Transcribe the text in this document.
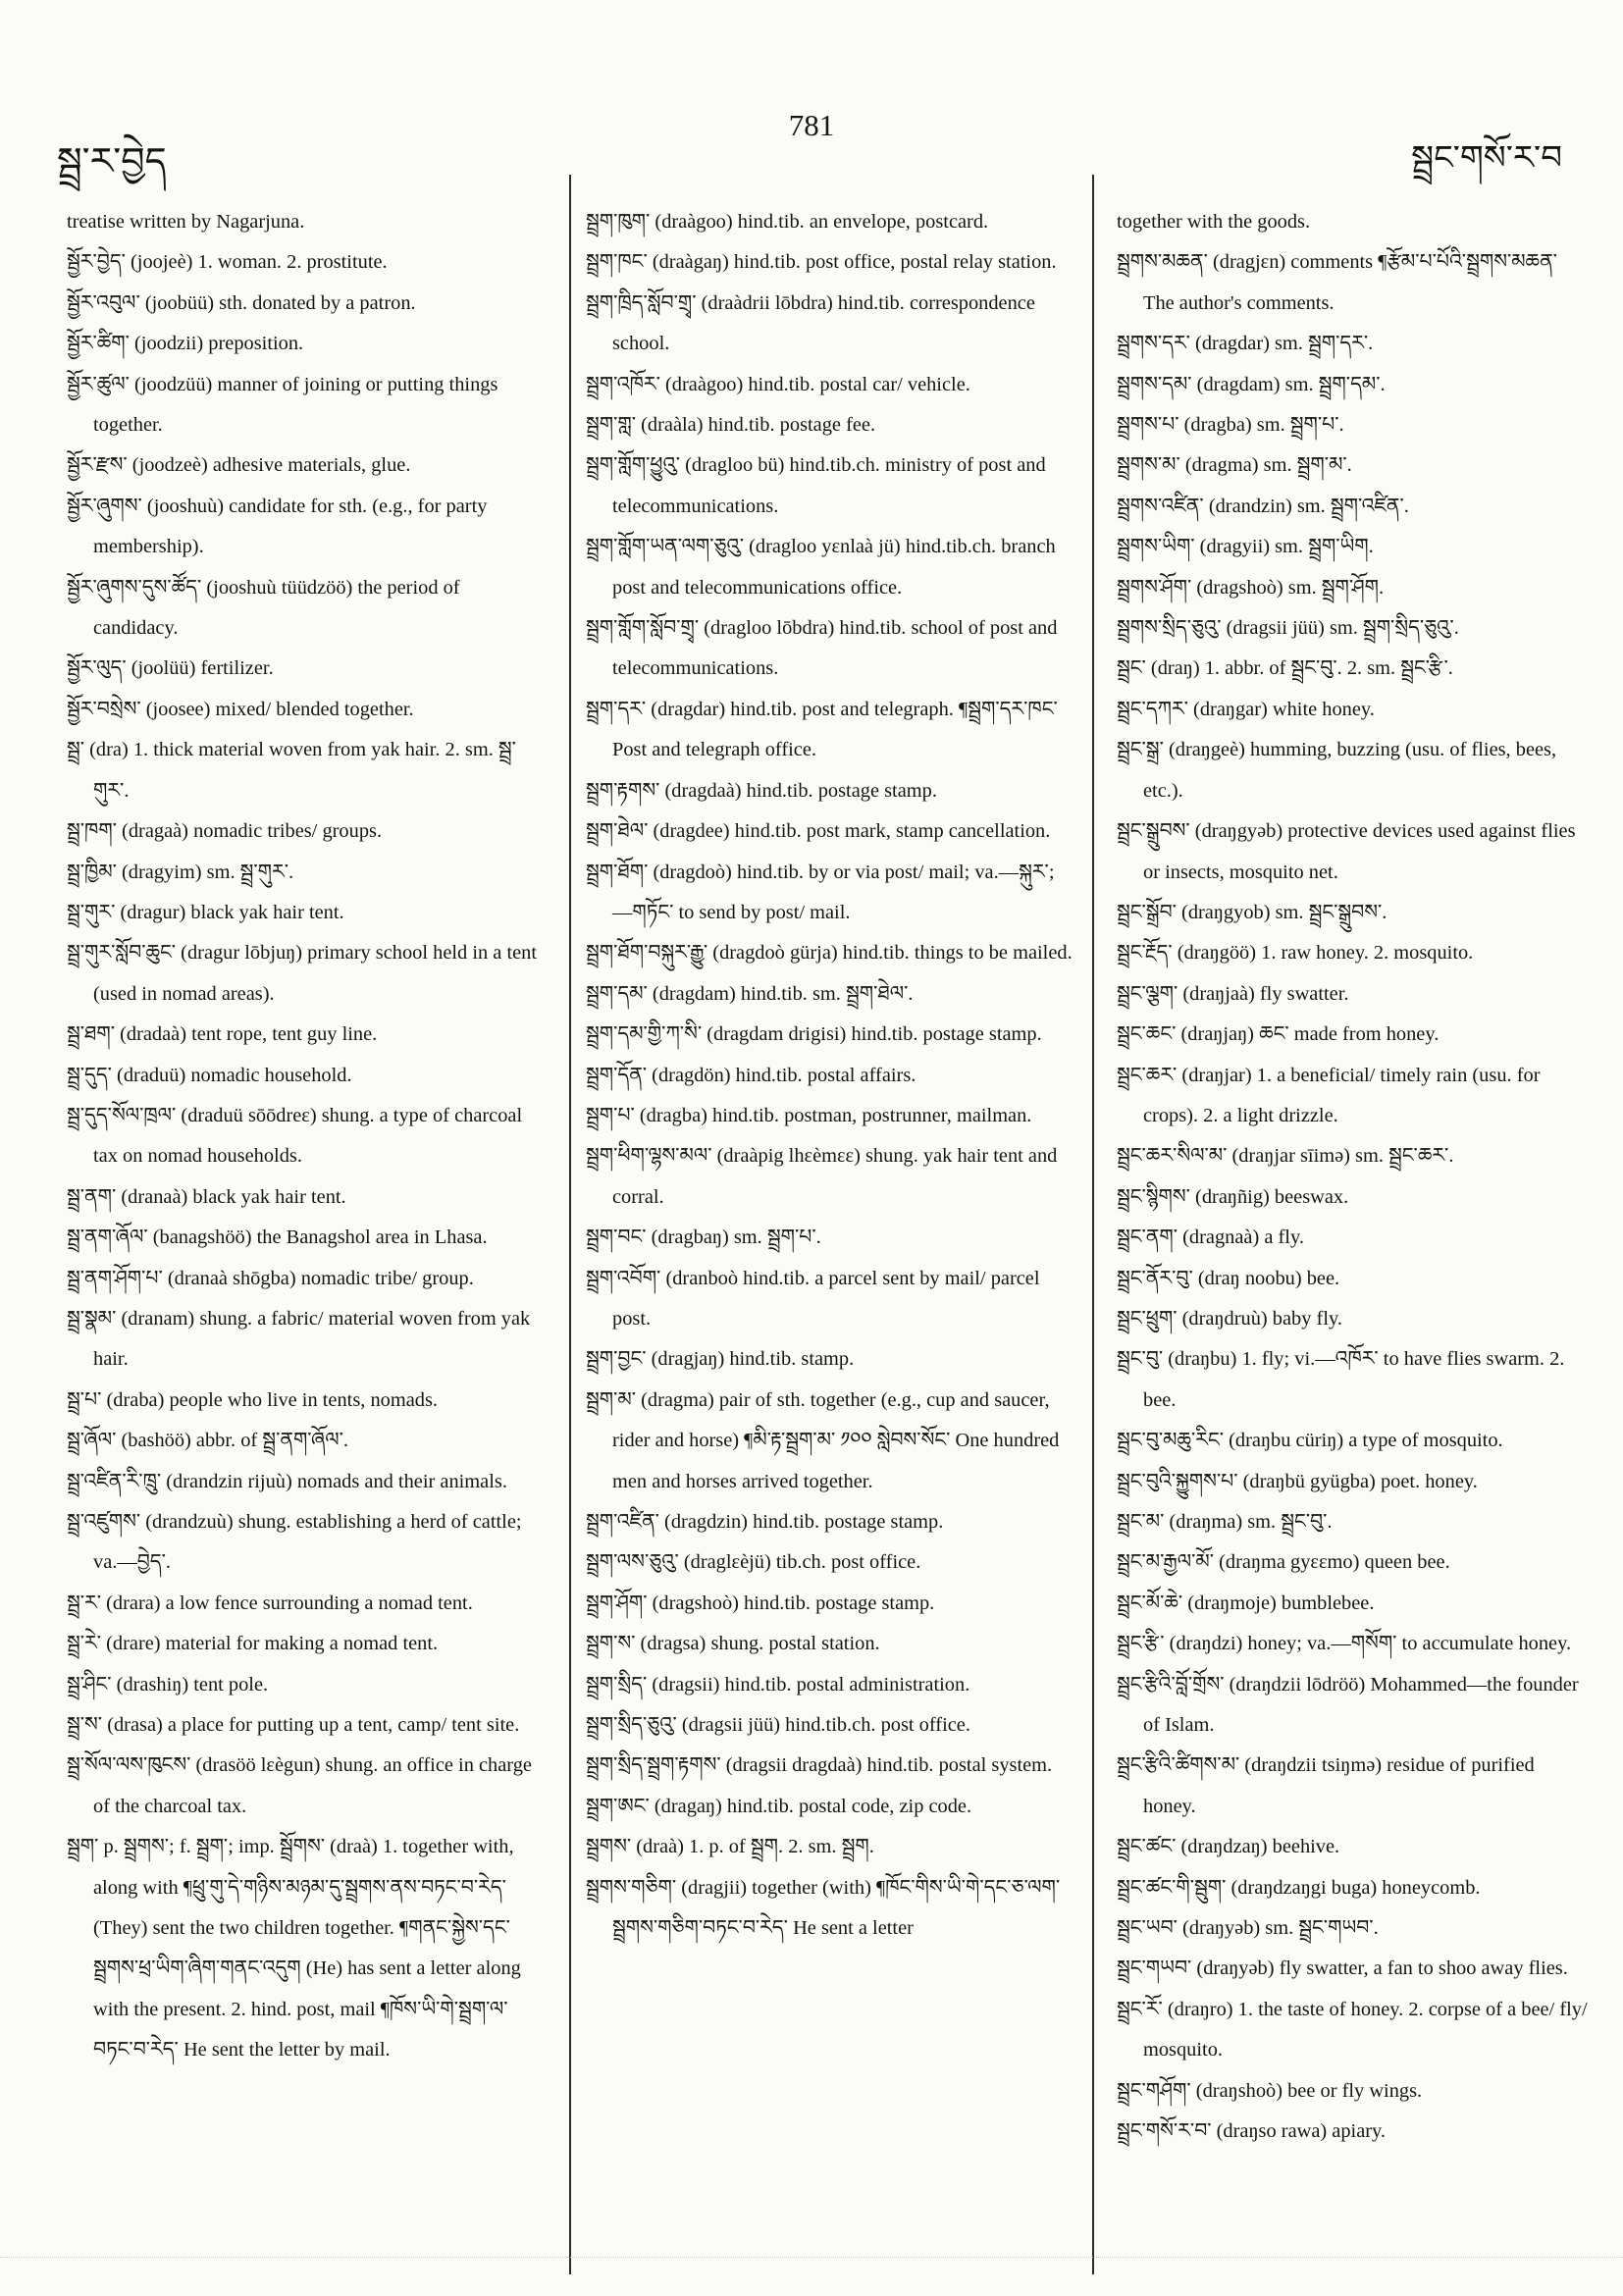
སྦྲ་ར་བྱེད
781
སྦྲང་གསོ་ར་བ

treatise written by Nagarjuna.

སྦྱོར་བྱེད་ (joojeè) 1. woman. 2. prostitute.

སྦྱོར་འབུལ་ (joobüü) sth. donated by a patron.

སྦྱོར་ཚིག་ (joodzii) preposition.

སྦྱོར་ཚུལ་ (joodzüü) manner of joining or putting things together.

སྦྱོར་རྫས་ (joodzeè) adhesive materials, glue.

སྦྱོར་ཞུགས་ (jooshuù) candidate for sth. (e.g., for party membership).

སྦྱོར་ཞུགས་དུས་ཚོད་ (jooshuù tüüdzöö) the period of candidacy.

སྦྱོར་ལུད་ (joolüü) fertilizer.

སྦྱོར་བསྲེས་ (joosee) mixed/ blended together.

སྦྲ་ (dra) 1. thick material woven from yak hair. 2. sm. སྦྲ་གུར་.

སྦྲ་ཁག་ (dragaà) nomadic tribes/ groups.

སྦྲ་ཁྱིམ་ (dragyim) sm. སྦྲ་གུར་.

སྦྲ་གུར་ (dragur) black yak hair tent.

སྦྲ་གུར་སློབ་ཆུང་ (dragur lōbjuŋ) primary school held in a tent (used in nomad areas).

སྦྲ་ཐག་ (dradaà) tent rope, tent guy line.

སྦྲ་དུད་ (draduü) nomadic household.

སྦྲ་དུད་སོལ་ཁྲལ་ (draduü sōōdreε) shung. a type of charcoal tax on nomad households.

སྦྲ་ནག་ (dranaà) black yak hair tent.

སྦྲ་ནག་ཞོལ་ (banagshöö) the Banagshol area in Lhasa.

སྦྲ་ནག་ཤོག་པ་ (dranaà shōgba) nomadic tribe/ group.

སྦྲ་སྣམ་ (dranam) shung. a fabric/ material woven from yak hair.

སྦྲ་པ་ (draba) people who live in tents, nomads.

སྦྲ་ཞོལ་ (bashöö) abbr. of སྦྲ་ནག་ཞོལ་.

སྦྲ་འཛིན་རི་ཁྲུ་ (drandzin rijuù) nomads and their animals.

སྦྲ་འཛུགས་ (drandzuù) shung. establishing a herd of cattle; va.—བྱེད་.

སྦྲ་ར་ (drara) a low fence surrounding a nomad tent.

སྦྲ་རེ་ (drare) material for making a nomad tent.

སྦྲ་ཤིང་ (drashiŋ) tent pole.

སྦྲ་ས་ (drasa) a place for putting up a tent, camp/ tent site.

སྦྲ་སོལ་ལས་ཁུངས་ (drasöö lεègun) shung. an office in charge of the charcoal tax.

སྦྲག་ p. སྦྲགས་; f. སྦྲག་; imp. སྦྲོགས་ (draà) 1. together with, along with ¶ཕྲུ་གུ་དེ་གཉིས་མཉམ་དུ་སྦྲགས་ནས་བཏང་བ་རེད་ (They) sent the two children together. ¶གནང་སྐྱེས་དང་སྦྲགས་ཕྲ་ཡིག་ཞིག་གནང་འདུག (He) has sent a letter along with the present. 2. hind. post, mail ¶ཁོས་ཡི་གེ་སྦྲག་ལ་བཏང་བ་རེད་ He sent the letter by mail.

སྦྲག་ཁུག་ (draàgoo) hind.tib. an envelope, postcard.

སྦྲག་ཁང་ (draàgaŋ) hind.tib. post office, postal relay station.

སྦྲག་ཁྲིད་སློབ་གྲྭ་ (draàdrii lōbdra) hind.tib. correspondence school.

སྦྲག་འཁོར་ (draàgoo) hind.tib. postal car/ vehicle.

སྦྲག་གླ་ (draàla) hind.tib. postage fee.

སྦྲག་གློག་ཕྱུའུ་ (dragloo bü) hind.tib.ch. ministry of post and telecommunications.

སྦྲག་གློག་ཡན་ལག་ཅུའུ་ (dragloo yεnlaà jü) hind.tib.ch. branch post and telecommunications office.

སྦྲག་གློག་སློབ་གྲྭ་ (dragloo lōbdra) hind.tib. school of post and telecommunications.

སྦྲག་དར་ (dragdar) hind.tib. post and telegraph. ¶སྦྲག་དར་ཁང་ Post and telegraph office.

སྦྲག་རྟགས་ (dragdaà) hind.tib. postage stamp.

སྦྲག་ཐེལ་ (dragdee) hind.tib. post mark, stamp cancellation.

སྦྲག་ཐོག་ (dragdoò) hind.tib. by or via post/ mail; va.—སྐུར་; —གཏོང་ to send by post/ mail.

སྦྲག་ཐོག་བསྐུར་རྒྱུ་ (dragdoò gürja) hind.tib. things to be mailed.

སྦྲག་དམ་ (dragdam) hind.tib. sm. སྦྲག་ཐེལ་.

སྦྲག་དམ་གྱི་ཀ་སི་ (dragdam drigisi) hind.tib. postage stamp.

སྦྲག་དོན་ (dragdön) hind.tib. postal affairs.

སྦྲག་པ་ (dragba) hind.tib. postman, postrunner, mailman.

སྦྲག་ཕིག་ལྷས་མལ་ (draàpig lhεèmεε) shung. yak hair tent and corral.

སྦྲག་བང་ (dragbaŋ) sm. སྦྲག་པ་.

སྦྲག་འབོག་ (dranboò hind.tib. a parcel sent by mail/ parcel post.

སྦྲག་བྱང་ (dragjaŋ) hind.tib. stamp.

སྦྲག་མ་ (dragma) pair of sth. together (e.g., cup and saucer, rider and horse) ¶མི་རྟ་སྦྲག་མ་ ༡༠༠ སླེབས་སོང་ One hundred men and horses arrived together.

སྦྲག་འཛིན་ (dragdzin) hind.tib. postage stamp.

སྦྲག་ལས་ཅུའུ་ (draglεèjü) tib.ch. post office.

སྦྲག་ཤོག་ (dragshoò) hind.tib. postage stamp.

སྦྲག་ས་ (dragsa) shung. postal station.

སྦྲག་སྲིད་ (dragsii) hind.tib. postal administration.

སྦྲག་སྲིད་ཅུའུ་ (dragsii jüü) hind.tib.ch. post office.

སྦྲག་སྲིད་སྦྲག་རྟགས་ (dragsii dragdaà) hind.tib. postal system.

སྦྲག་ཨང་ (dragaŋ) hind.tib. postal code, zip code.

སྦྲགས་ (draà) 1. p. of སྦྲག. 2. sm. སྦྲག.

སྦྲགས་གཅིག་ (dragjii) together (with) ¶ཁོང་གིས་ཡི་གེ་དང་ཅ་ལག་སྦྲགས་གཅིག་བཏང་བ་རེད་ He sent a letter

together with the goods.

སྦྲགས་མཆན་ (dragjεn) comments ¶རྩོམ་པ་པོའི་སྦྲགས་མཆན་ The author's comments.

སྦྲགས་དར་ (dragdar) sm. སྦྲག་དར་.

སྦྲགས་དམ་ (dragdam) sm. སྦྲག་དམ་.

སྦྲགས་པ་ (dragba) sm. སྦྲག་པ་.

སྦྲགས་མ་ (dragma) sm. སྦྲག་མ་.

སྦྲགས་འཛིན་ (drandzin) sm. སྦྲག་འཛིན་.

སྦྲགས་ཡིག་ (dragyii) sm. སྦྲག་ཡིག.

སྦྲགས་ཤོག་ (dragshoò) sm. སྦྲག་ཤོག.

སྦྲགས་སྲིད་ཅུའུ་ (dragsii jüü) sm. སྦྲག་སྲིད་ཅུའུ་.

སྦྲང་ (draŋ) 1. abbr. of སྦྲང་བུ་. 2. sm. སྦྲང་རྩི་.

སྦྲང་དཀར་ (draŋgar) white honey.

སྦྲང་སྒྲ་ (draŋgeè) humming, buzzing (usu. of flies, bees, etc.).

སྦྲང་སྒྲུབས་ (draŋgyəb) protective devices used against flies or insects, mosquito net.

སྦྲང་སྒྲོབ་ (draŋgyob) sm. སྦྲང་སྒྲུབས་.

སྦྲང་རྔོད་ (draŋgöö) 1. raw honey. 2. mosquito.

སྦྲང་ལྕག་ (draŋjaà) fly swatter.

སྦྲང་ཆང་ (draŋjaŋ) ཆང་ made from honey.

སྦྲང་ཆར་ (draŋjar) 1. a beneficial/ timely rain (usu. for crops). 2. a light drizzle.

སྦྲང་ཆར་སིལ་མ་ (draŋjar sīimə) sm. སྦྲང་ཆར་.

སྦྲང་སྙིགས་ (draŋñig) beeswax.

སྦྲང་ནག་ (dragnaà) a fly.

སྦྲང་ནོར་བུ་ (draŋ noobu) bee.

སྦྲང་ཕྲུག་ (draŋdruù) baby fly.

སྦྲང་བུ་ (draŋbu) 1. fly; vi.—འཁོར་ to have flies swarm. 2. bee.

སྦྲང་བུ་མཆུ་རིང་ (draŋbu cüriŋ) a type of mosquito.

སྦྲང་བུའི་སྐྱུགས་པ་ (draŋbü gyügba) poet. honey.

སྦྲང་མ་ (draŋma) sm. སྦྲང་བུ་.

སྦྲང་མ་རྒྱལ་མོ་ (draŋma gyεεmo) queen bee.

སྦྲང་མོ་ཆེ་ (draŋmoje) bumblebee.

སྦྲང་རྩི་ (draŋdzi) honey; va.—གསོག་ to accumulate honey.

སྦྲང་རྩིའི་བློ་གྲོས་ (draŋdzii lōdröö) Mohammed—the founder of Islam.

སྦྲང་རྩིའི་ཚིགས་མ་ (draŋdzii tsiŋmə) residue of purified honey.

སྦྲང་ཚང་ (draŋdzaŋ) beehive.

སྦྲང་ཚང་གི་སྦུག་ (draŋdzaŋgi buga) honeycomb.

སྦྲང་ཡབ་ (draŋyəb) sm. སྦྲང་གཡབ་.

སྦྲང་གཡབ་ (draŋyəb) fly swatter, a fan to shoo away flies.

སྦྲང་རོ་ (draŋro) 1. the taste of honey. 2. corpse of a bee/ fly/ mosquito.

སྦྲང་གཤོག་ (draŋshoò) bee or fly wings.

སྦྲང་གསོ་ར་བ་ (draŋso rawa) apiary.
